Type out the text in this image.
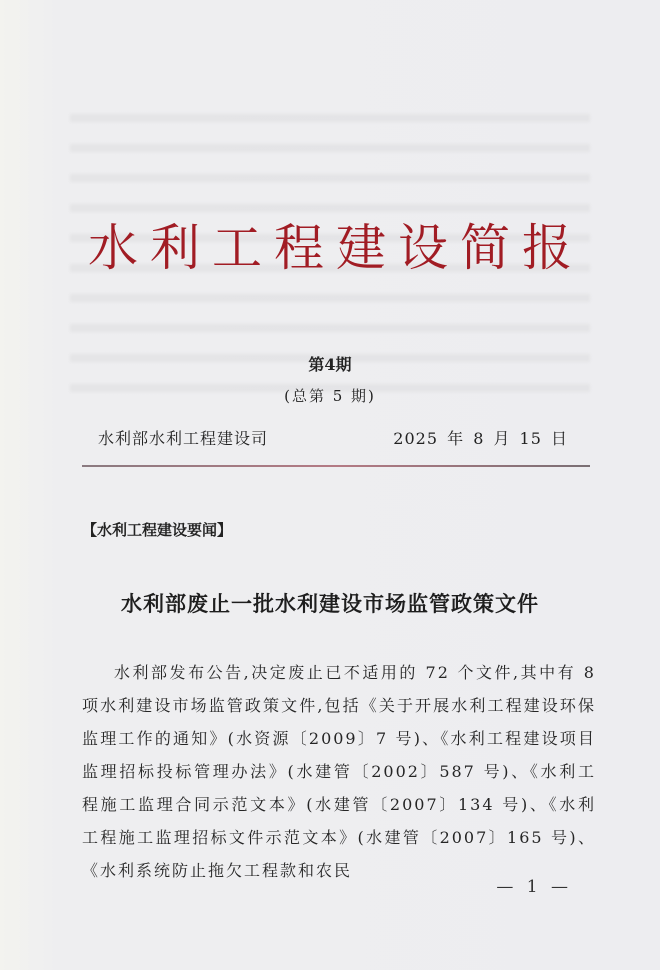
水利工程建设简报
第4期
(总第 5 期)
水利部水利工程建设司	2025 年 8 月 15 日
【水利工程建设要闻】
水利部废止一批水利建设市场监管政策文件

水利部发布公告,决定废止已不适用的 72 个文件,其中有 8 项水利建设市场监管政策文件,包括《关于开展水利工程建设环保监理工作的通知》(水资源〔2009〕7 号)、《水利工程建设项目监理招标投标管理办法》(水建管〔2002〕587 号)、《水利工程施工监理合同示范文本》(水建管〔2007〕134 号)、《水利工程施工监理招标文件示范文本》(水建管〔2007〕165 号)、《水利系统防止拖欠工程款和农民

— 1 —
